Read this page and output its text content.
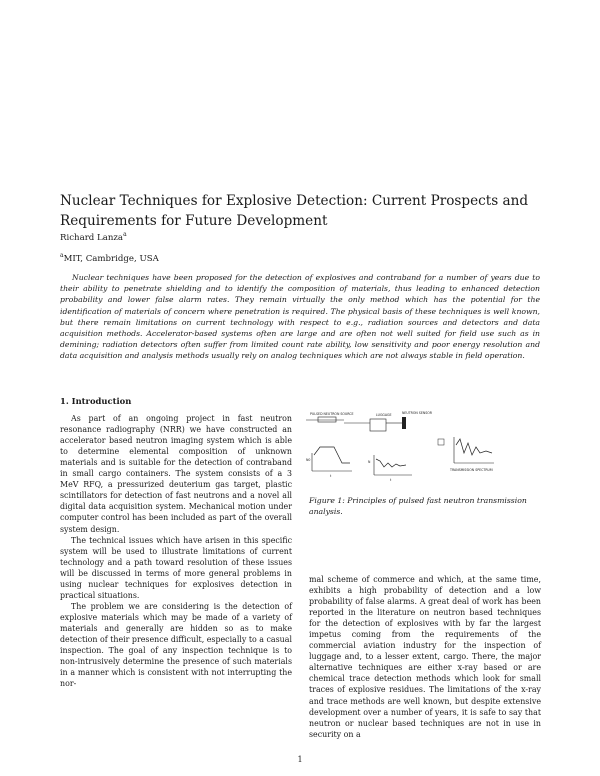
Nuclear Techniques for Explosive Detection: Current Prospects and Requirements for Future Development
Richard Lanza$^a$
$^a$MIT, Cambridge, USA

Nuclear techniques have been proposed for the detection of explosives and contraband for a number of years due to their ability to penetrate shielding and to identify the composition of materials, thus leading to enhanced detection probability and lower false alarm rates. They remain virtually the only method which has the potential for the identification of materials of concern where penetration is required. The physical basis of these techniques is well known, but there remain limitations on current technology with respect to e.g., radiation sources and detectors and data acquisition methods. Accelerator-based systems often are large and are often not well suited for field use such as in demining; radiation detectors often suffer from limited count rate ability, low sensitivity and poor energy resolution and data acquisition and analysis methods usually rely on analog techniques which are not always stable in field operation.

1. Introduction

As part of an ongoing project in fast neutron resonance radiography (NRR) we have constructed an accelerator based neutron imaging system which is able to determine elemental composition of unknown materials and is suitable for the detection of contraband in small cargo containers. The system consists of a 3 MeV RFQ, a pressurized deuterium gas target, plastic scintillators for detection of fast neutrons and a novel all digital data acquisition system. Mechanical motion under computer control has been included as part of the overall system design.

The technical issues which have arisen in this specific system will be used to illustrate limitations of current technology and a path toward resolution of these issues will be discussed in terms of more general problems in using nuclear techniques for explosives detection in practical situations.

The problem we are considering is the detection of explosive materials which may be made of a variety of materials and generally are hidden so as to make detection of their presence difficult, especially to a casual inspection. The goal of any inspection technique is to non-intrusively determine the presence of such materials in a manner which is consistent with not interrupting the nor-

PULSED NEUTRON SOURCE	LUGGAGE	NEUTRON SENSOR
N0
t
N
t
TRANSMISSION SPECTRUM

Figure 1: Principles of pulsed fast neutron transmission analysis.

mal scheme of commerce and which, at the same time, exhibits a high probability of detection and a low probability of false alarms. A great deal of work has been reported in the literature on neutron based techniques for the detection of explosives with by far the largest impetus coming from the requirements of the commercial aviation industry for the inspection of luggage and, to a lesser extent, cargo. There, the major alternative techniques are either x-ray based or are chemical trace detection methods which look for small traces of explosive residues. The limitations of the x-ray and trace methods are well known, but despite extensive development over a number of years, it is safe to say that neutron or nuclear based techniques are not in use in security on a

1
